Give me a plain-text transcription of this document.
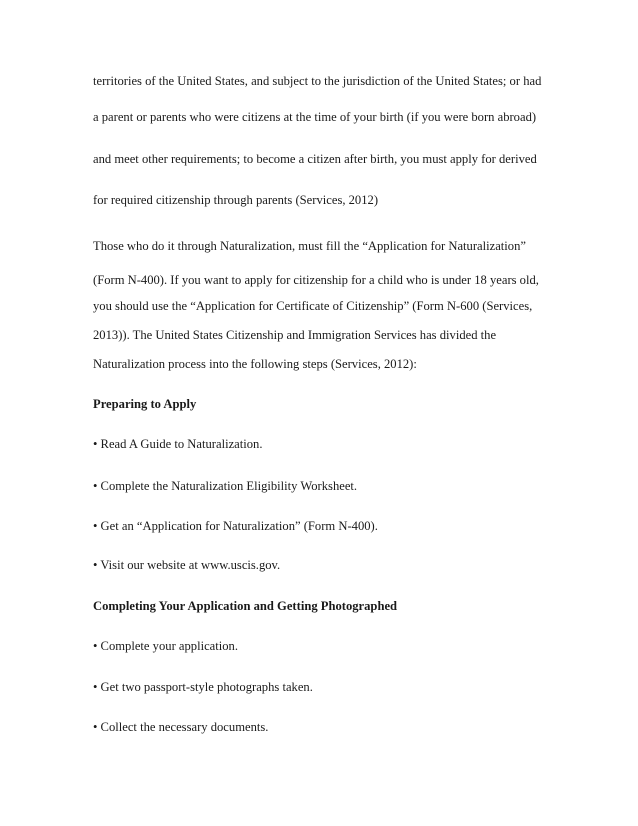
territories of the United States, and subject to the jurisdiction of the United States; or had
a parent or parents who were citizens at the time of your birth (if you were born abroad)
and meet other requirements; to become a citizen after birth, you must apply for derived
for required citizenship through parents (Services, 2012)
Those who do it through Naturalization, must fill the “Application for Naturalization”
(Form N-400). If you want to apply for citizenship for a child who is under 18 years old,
you should use the “Application for Certificate of Citizenship” (Form N-600 (Services,
2013)). The United States Citizenship and Immigration Services has divided the
Naturalization process into the following steps (Services, 2012):
Preparing to Apply
• Read A Guide to Naturalization.
• Complete the Naturalization Eligibility Worksheet.
• Get an “Application for Naturalization” (Form N-400).
• Visit our website at www.uscis.gov.
Completing Your Application and Getting Photographed
• Complete your application.
• Get two passport-style photographs taken.
• Collect the necessary documents.
